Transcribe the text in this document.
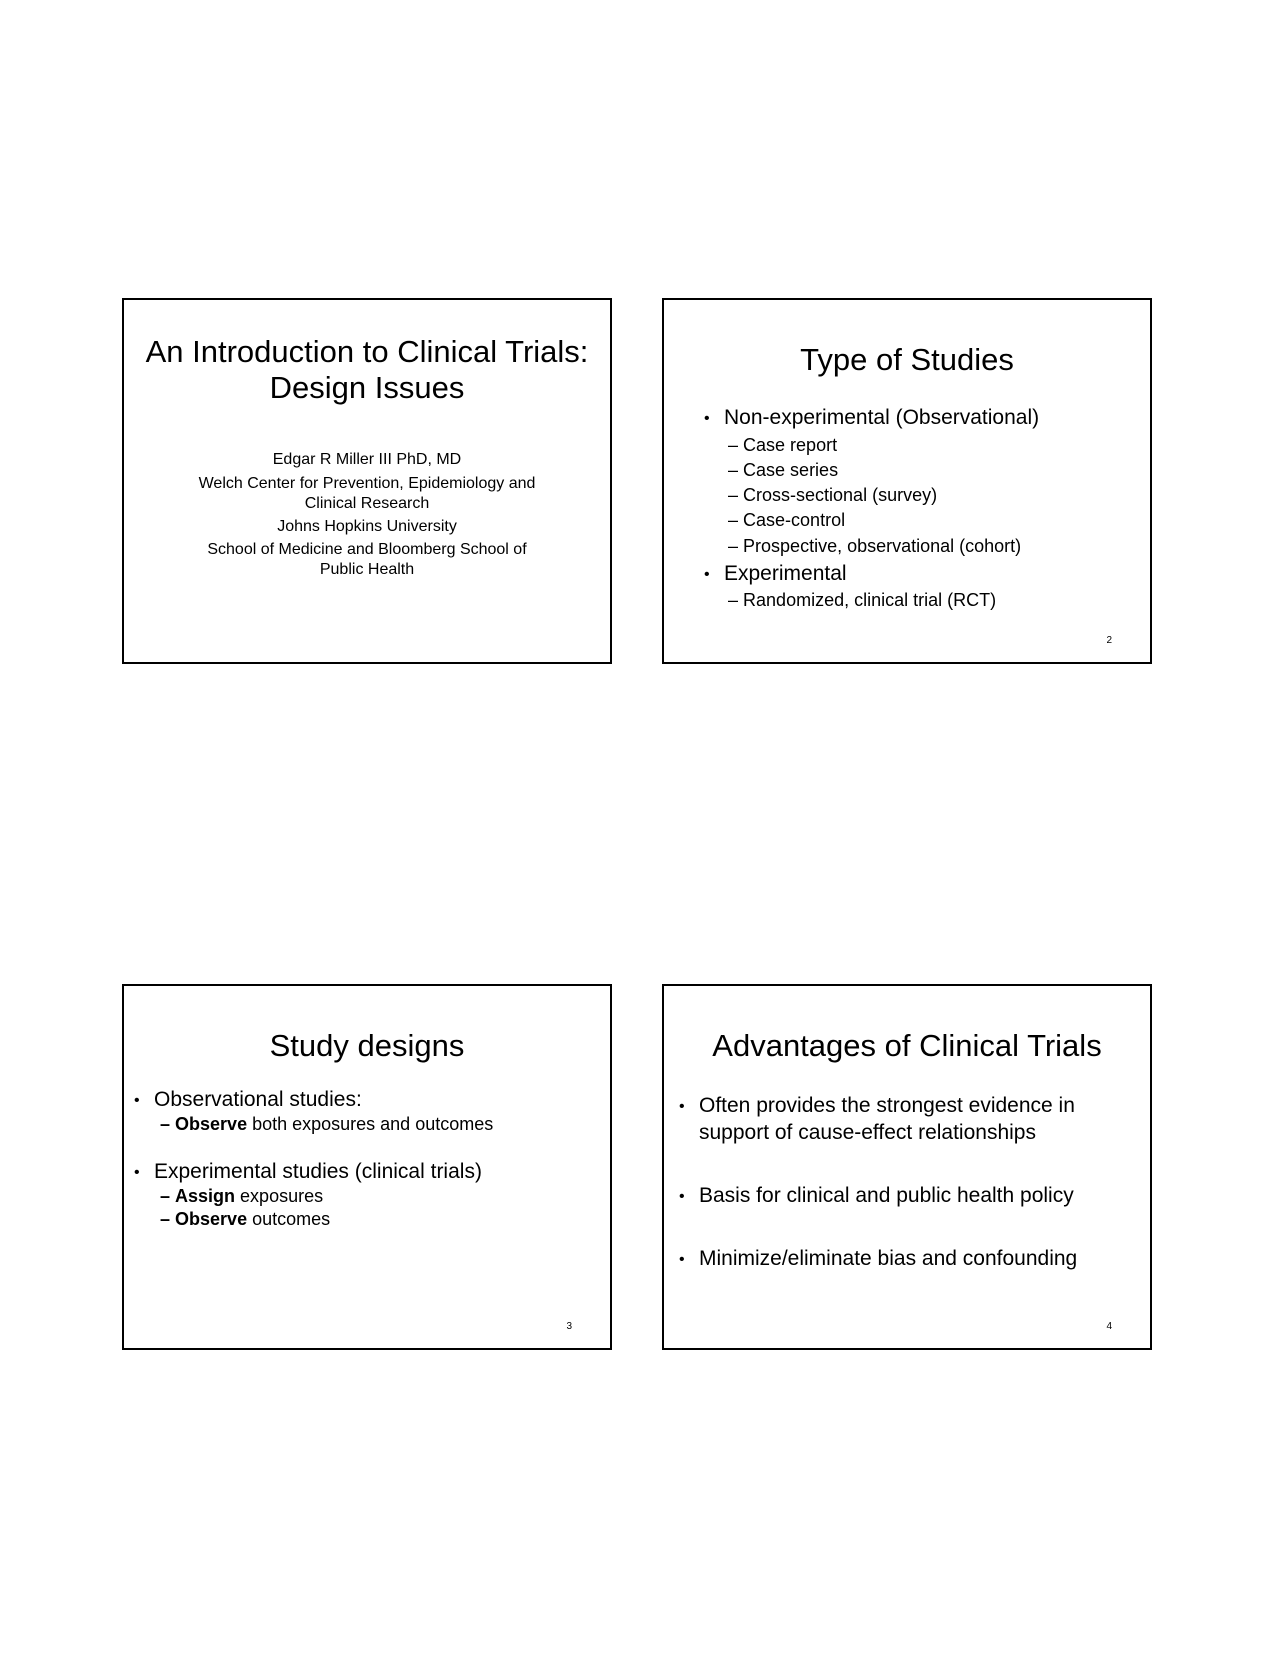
An Introduction to Clinical Trials:
Design Issues
Edgar R Miller III PhD, MD
Welch Center for Prevention, Epidemiology and
Clinical Research
Johns Hopkins University
School of Medicine and Bloomberg School of
Public Health
Type of Studies
• Non-experimental (Observational)
– Case report
– Case series
– Cross-sectional (survey)
– Case-control
– Prospective, observational (cohort)
• Experimental
– Randomized, clinical trial (RCT)
2
Study designs
• Observational studies:
– Observe both exposures and outcomes
• Experimental studies (clinical trials)
– Assign exposures
– Observe outcomes
3
Advantages of Clinical Trials
• Often provides the strongest evidence in
support of cause-effect relationships
• Basis for clinical and public health policy
• Minimize/eliminate bias and confounding
4
